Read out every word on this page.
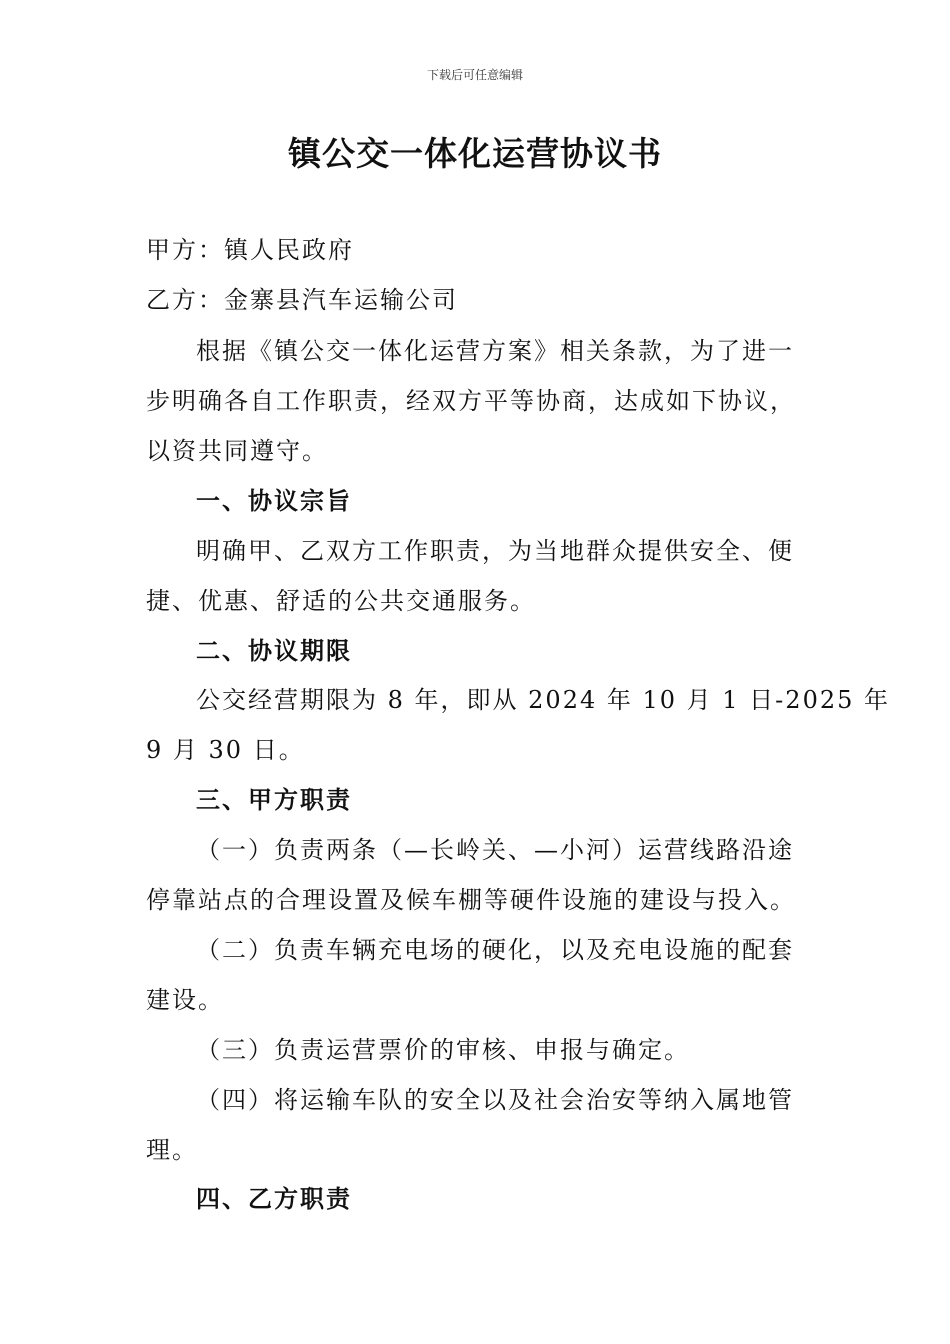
下载后可任意编辑
镇公交一体化运营协议书
甲方：镇人民政府
乙方：金寨县汽车运输公司
根据《镇公交一体化运营方案》相关条款，为了进一
步明确各自工作职责，经双方平等协商，达成如下协议，
以资共同遵守。
一、协议宗旨
明确甲、乙双方工作职责，为当地群众提供安全、便
捷、优惠、舒适的公共交通服务。
二、协议期限
公交经营期限为 8 年，即从 2024 年 10 月 1 日-2025 年
9 月 30 日。
三、甲方职责
（一）负责两条（—长岭关、—小河）运营线路沿途
停靠站点的合理设置及候车棚等硬件设施的建设与投入。
（二）负责车辆充电场的硬化，以及充电设施的配套
建设。
（三）负责运营票价的审核、申报与确定。
（四）将运输车队的安全以及社会治安等纳入属地管
理。
四、乙方职责
